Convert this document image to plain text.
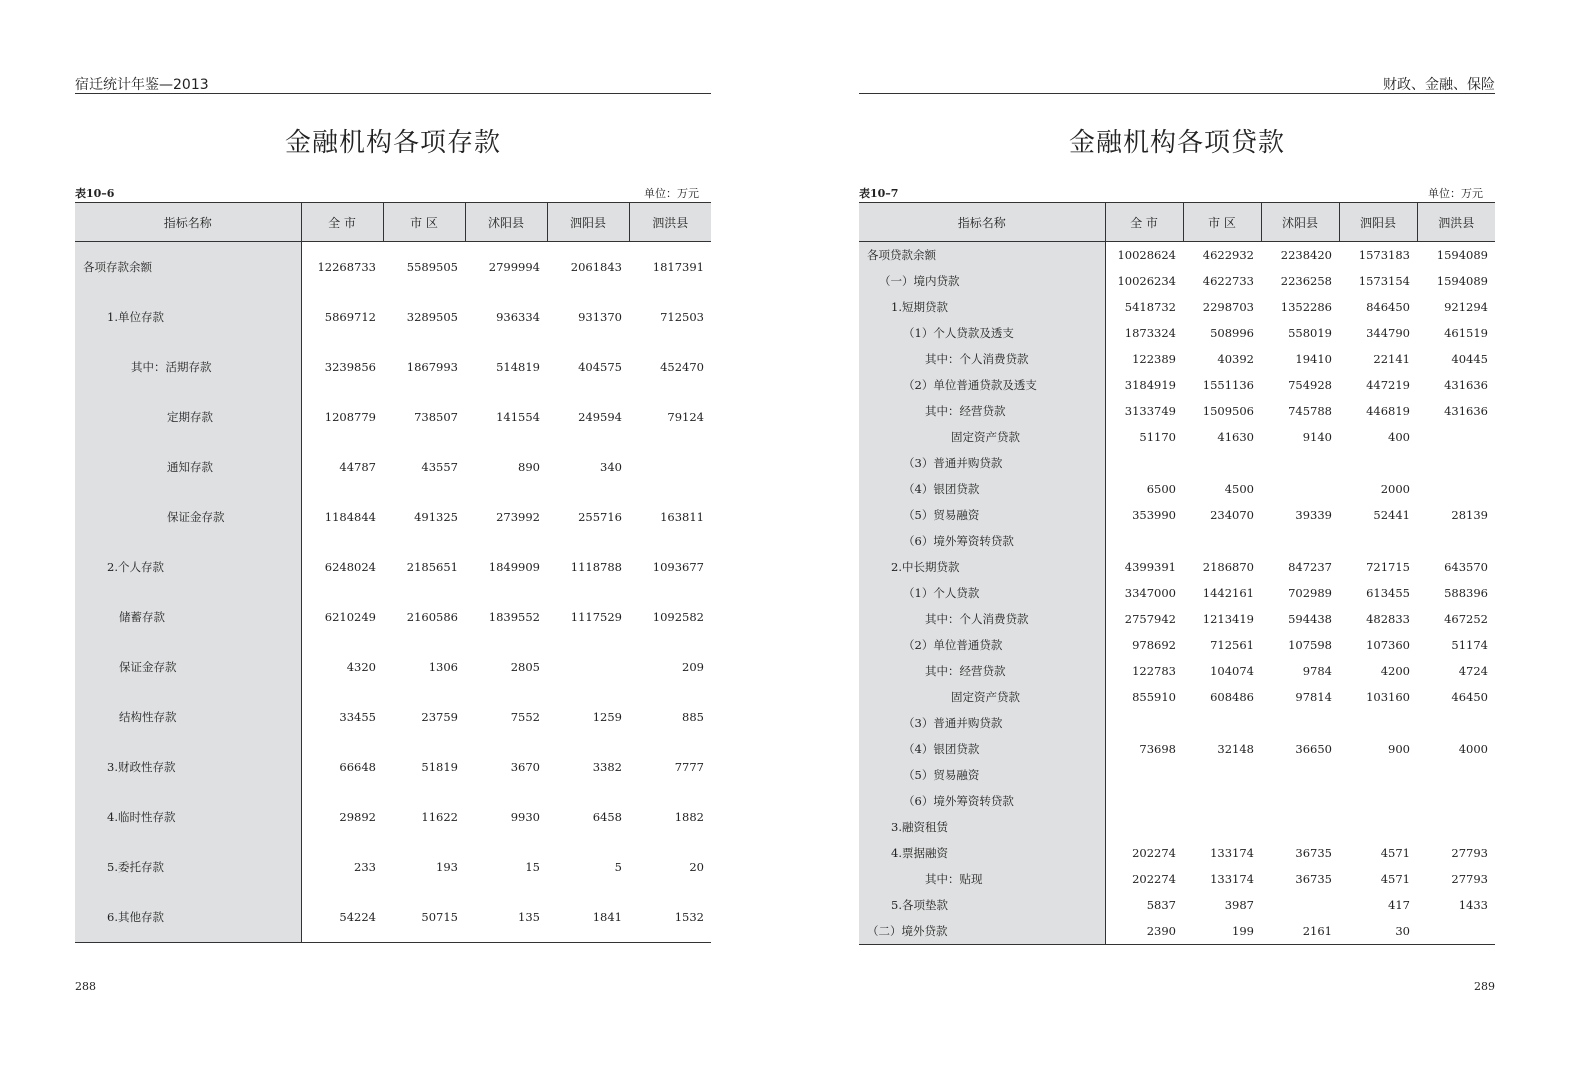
宿迁统计年鉴—2013
金融机构各项存款
表10–6	单位：万元
指标名称	全 市	市 区	沭阳县	泗阳县	泗洪县
各项存款余额	12268733	5589505	2799994	2061843	1817391
1.单位存款	5869712	3289505	936334	931370	712503
其中：活期存款	3239856	1867993	514819	404575	452470
定期存款	1208779	738507	141554	249594	79124
通知存款	44787	43557	890	340	
保证金存款	1184844	491325	273992	255716	163811
2.个人存款	6248024	2185651	1849909	1118788	1093677
储蓄存款	6210249	2160586	1839552	1117529	1092582
保证金存款	4320	1306	2805		209
结构性存款	33455	23759	7552	1259	885
3.财政性存款	66648	51819	3670	3382	7777
4.临时性存款	29892	11622	9930	6458	1882
5.委托存款	233	193	15	5	20
6.其他存款	54224	50715	135	1841	1532
288
财政、金融、保险
金融机构各项贷款
表10–7	单位：万元
指标名称	全 市	市 区	沭阳县	泗阳县	泗洪县
各项贷款余额	10028624	4622932	2238420	1573183	1594089
（一）境内贷款	10026234	4622733	2236258	1573154	1594089
1.短期贷款	5418732	2298703	1352286	846450	921294
（1）个人贷款及透支	1873324	508996	558019	344790	461519
其中：个人消费贷款	122389	40392	19410	22141	40445
（2）单位普通贷款及透支	3184919	1551136	754928	447219	431636
其中：经营贷款	3133749	1509506	745788	446819	431636
固定资产贷款	51170	41630	9140	400	
（3）普通并购贷款					
（4）银团贷款	6500	4500		2000	
（5）贸易融资	353990	234070	39339	52441	28139
（6）境外筹资转贷款					
2.中长期贷款	4399391	2186870	847237	721715	643570
（1）个人贷款	3347000	1442161	702989	613455	588396
其中：个人消费贷款	2757942	1213419	594438	482833	467252
（2）单位普通贷款	978692	712561	107598	107360	51174
其中：经营贷款	122783	104074	9784	4200	4724
固定资产贷款	855910	608486	97814	103160	46450
（3）普通并购贷款					
（4）银团贷款	73698	32148	36650	900	4000
（5）贸易融资					
（6）境外筹资转贷款					
3.融资租赁					
4.票据融资	202274	133174	36735	4571	27793
其中：贴现	202274	133174	36735	4571	27793
5.各项垫款	5837	3987		417	1433
（二）境外贷款	2390	199	2161	30	
289
